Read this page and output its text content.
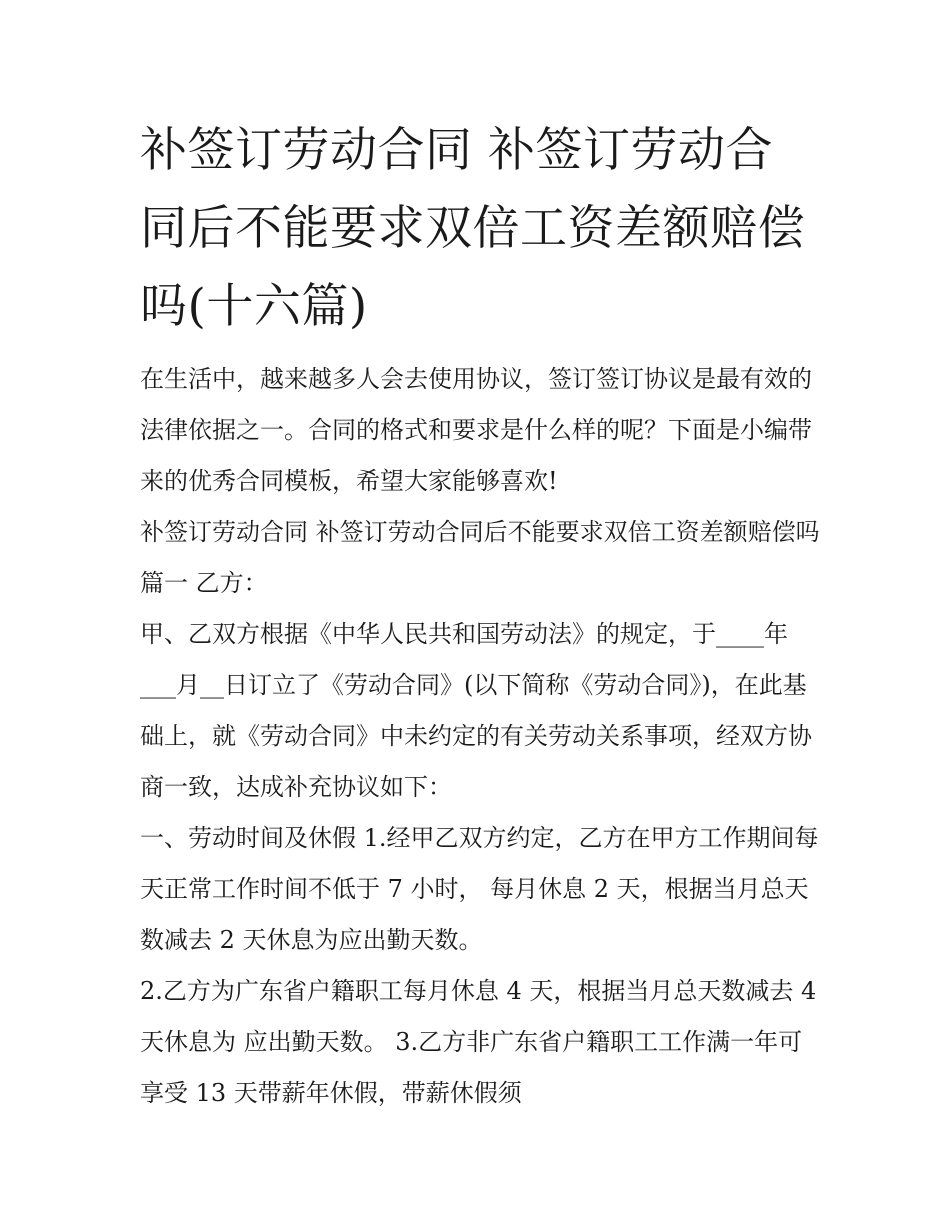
补签订劳动合同 补签订劳动合同后不能要求双倍工资差额赔偿吗(十六篇)

在生活中，越来越多人会去使用协议，签订签订协议是最有效的法律依据之一。合同的格式和要求是什么样的呢？下面是小编带来的优秀合同模板，希望大家能够喜欢!

补签订劳动合同 补签订劳动合同后不能要求双倍工资差额赔偿吗篇一 乙方：

甲、乙双方根据《中华人民共和国劳动法》的规定，于____年___月__日订立了《劳动合同》(以下简称《劳动合同》)，在此基础上，就《劳动合同》中未约定的有关劳动关系事项，经双方协商一致，达成补充协议如下：

一、劳动时间及休假 1.经甲乙双方约定，乙方在甲方工作期间每天正常工作时间不低于 7 小时， 每月休息 2 天，根据当月总天数减去 2 天休息为应出勤天数。

2.乙方为广东省户籍职工每月休息 4 天，根据当月总天数减去 4 天休息为 应出勤天数。 3.乙方非广东省户籍职工工作满一年可享受 13 天带薪年休假，带薪休假须
